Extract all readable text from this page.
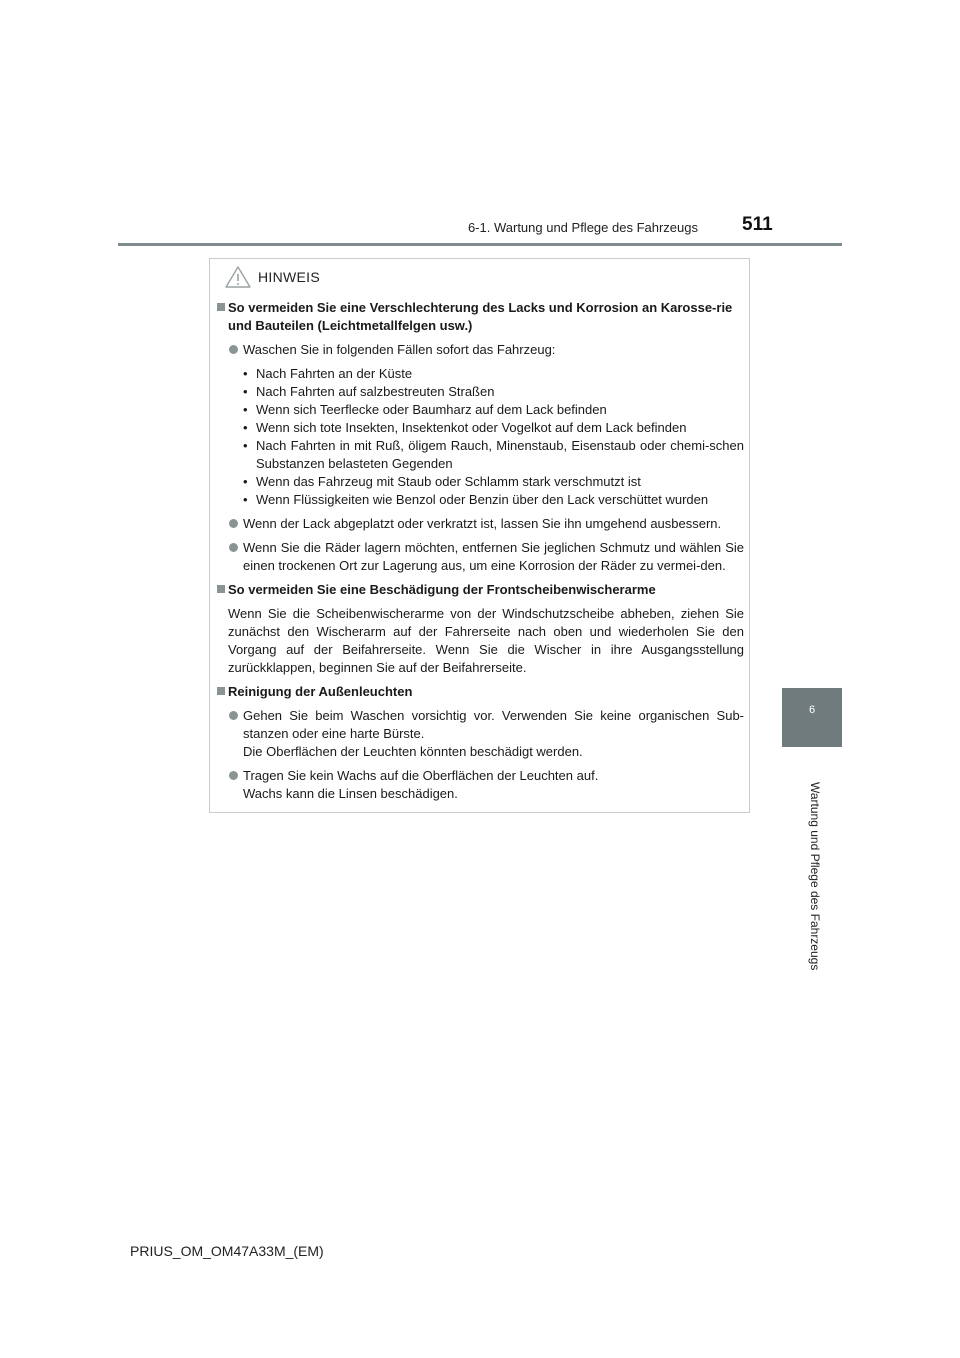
6-1. Wartung und Pflege des Fahrzeugs 511
6
Wartung und Pflege des Fahrzeugs
HINWEIS
So vermeiden Sie eine Verschlechterung des Lacks und Korrosion an Karosse-rie und Bauteilen (Leichtmetallfelgen usw.)
Waschen Sie in folgenden Fällen sofort das Fahrzeug:
• Nach Fahrten an der Küste
• Nach Fahrten auf salzbestreuten Straßen
• Wenn sich Teerflecke oder Baumharz auf dem Lack befinden
• Wenn sich tote Insekten, Insektenkot oder Vogelkot auf dem Lack befinden
• Nach Fahrten in mit Ruß, öligem Rauch, Minenstaub, Eisenstaub oder chemi-schen Substanzen belasteten Gegenden
• Wenn das Fahrzeug mit Staub oder Schlamm stark verschmutzt ist
• Wenn Flüssigkeiten wie Benzol oder Benzin über den Lack verschüttet wurden
Wenn der Lack abgeplatzt oder verkratzt ist, lassen Sie ihn umgehend ausbessern.
Wenn Sie die Räder lagern möchten, entfernen Sie jeglichen Schmutz und wählen Sie einen trockenen Ort zur Lagerung aus, um eine Korrosion der Räder zu vermei-den.
So vermeiden Sie eine Beschädigung der Frontscheibenwischerarme
Wenn Sie die Scheibenwischerarme von der Windschutzscheibe abheben, ziehen Sie zunächst den Wischerarm auf der Fahrerseite nach oben und wiederholen Sie den Vorgang auf der Beifahrerseite. Wenn Sie die Wischer in ihre Ausgangsstellung zurückklappen, beginnen Sie auf der Beifahrerseite.
Reinigung der Außenleuchten
Gehen Sie beim Waschen vorsichtig vor. Verwenden Sie keine organischen Sub-stanzen oder eine harte Bürste.
Die Oberflächen der Leuchten könnten beschädigt werden.
Tragen Sie kein Wachs auf die Oberflächen der Leuchten auf.
Wachs kann die Linsen beschädigen.
PRIUS_OM_OM47A33M_(EM)
